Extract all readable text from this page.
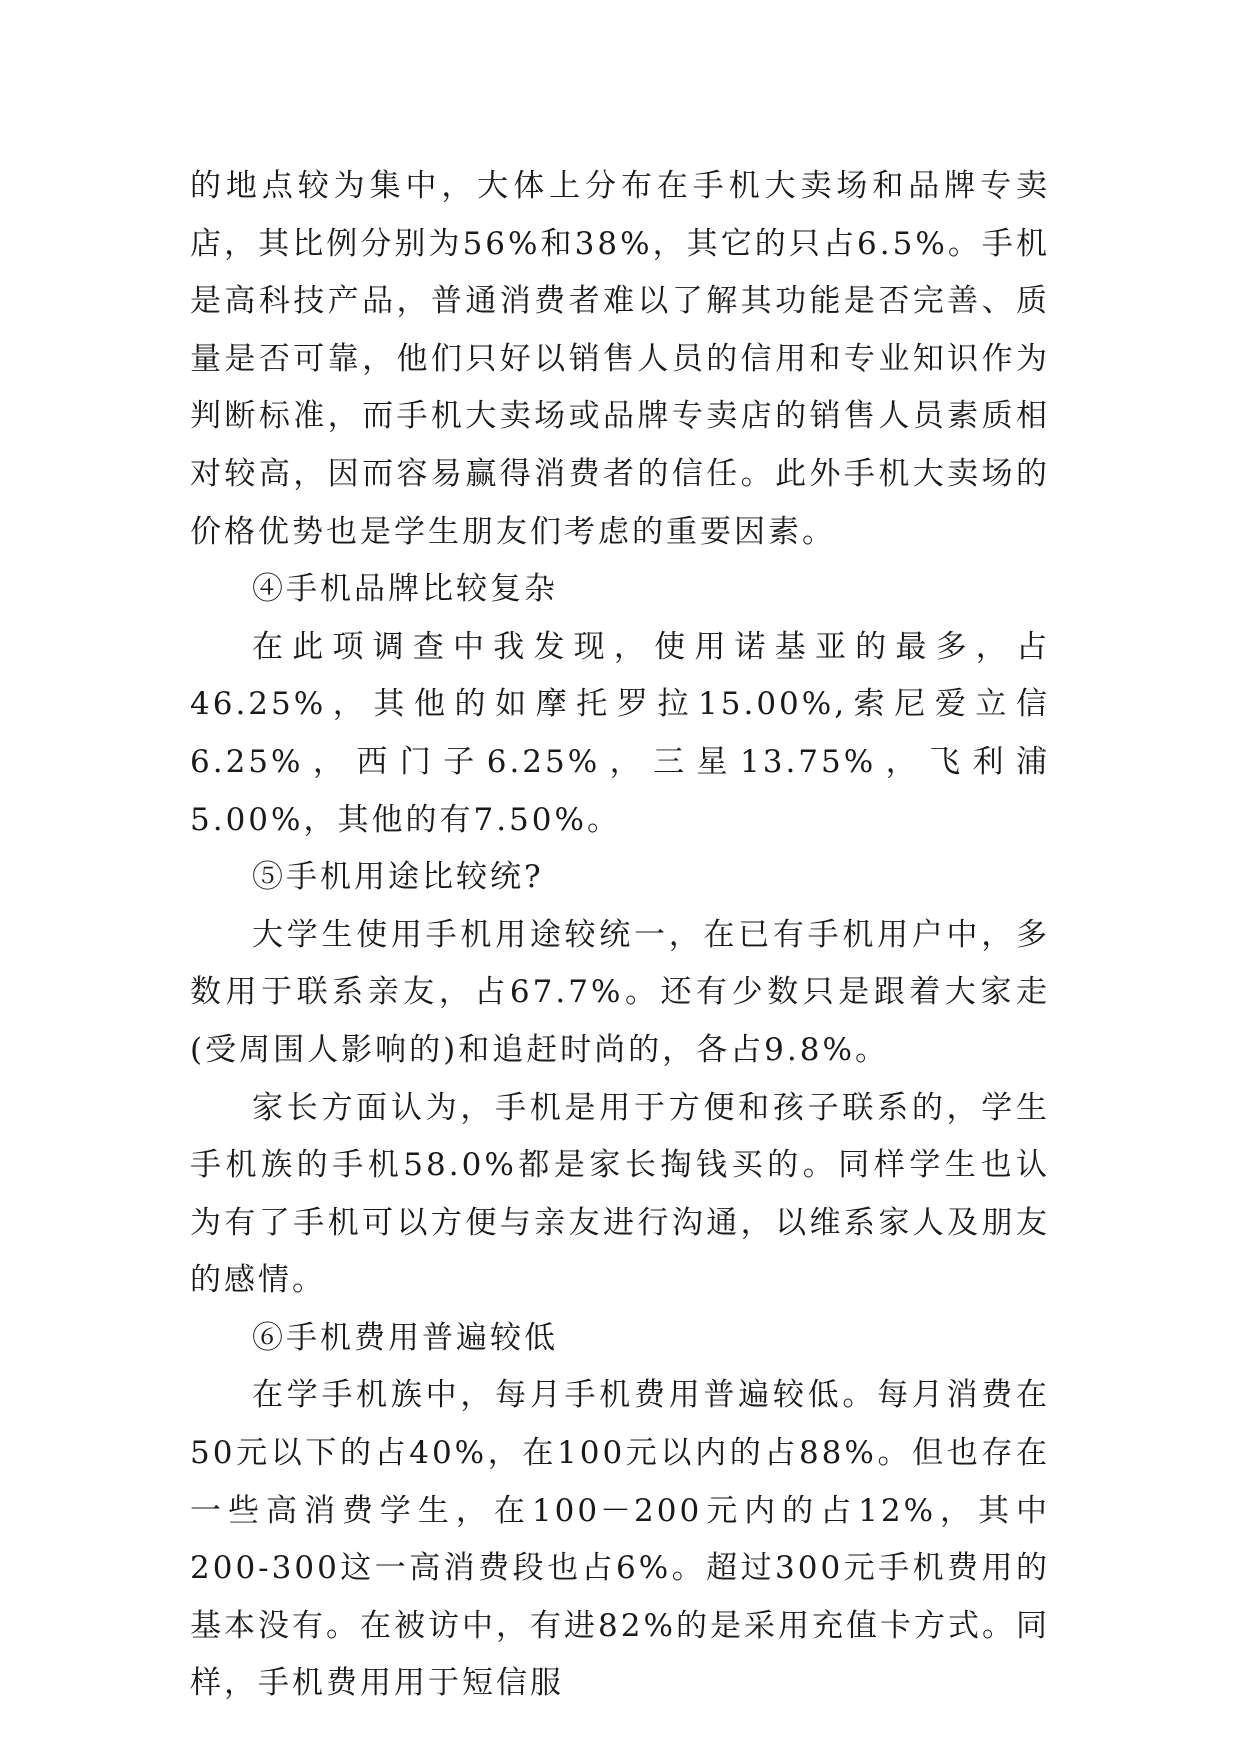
的地点较为集中，大体上分布在手机大卖场和品牌专卖店，其比例分别为56%和38%，其它的只占6.5%。手机是高科技产品，普通消费者难以了解其功能是否完善、质量是否可靠，他们只好以销售人员的信用和专业知识作为判断标准，而手机大卖场或品牌专卖店的销售人员素质相对较高，因而容易赢得消费者的信任。此外手机大卖场的价格优势也是学生朋友们考虑的重要因素。

④手机品牌比较复杂

在此项调查中我发现，使用诺基亚的最多，占46.25%，其他的如摩托罗拉15.00%,索尼爱立信6.25%，西门子6.25%，三星13.75%，飞利浦5.00%，其他的有7.50%。

⑤手机用途比较统?

大学生使用手机用途较统一，在已有手机用户中，多数用于联系亲友，占67.7%。还有少数只是跟着大家走(受周围人影响的)和追赶时尚的，各占9.8%。

家长方面认为，手机是用于方便和孩子联系的，学生手机族的手机58.0%都是家长掏钱买的。同样学生也认为有了手机可以方便与亲友进行沟通，以维系家人及朋友的感情。

⑥手机费用普遍较低

在学手机族中，每月手机费用普遍较低。每月消费在50元以下的占40%，在100元以内的占88%。但也存在一些高消费学生，在100－200元内的占12%，其中200-300这一高消费段也占6%。超过300元手机费用的基本没有。在被访中，有进82%的是采用充值卡方式。同样，手机费用用于短信服
